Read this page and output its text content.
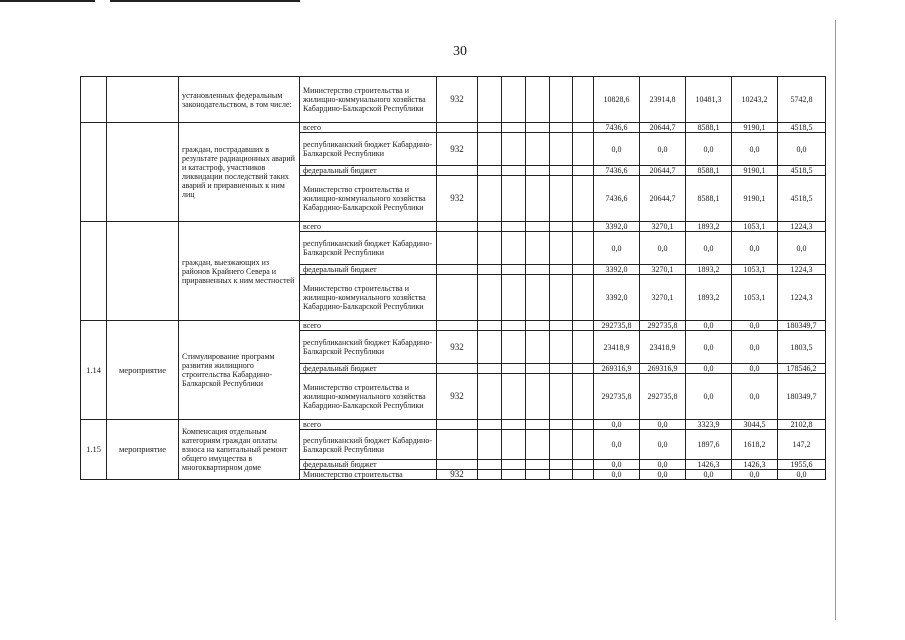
30
		установленных федеральным законодательством, в том числе:	Министерство строительства и жилищно-коммунального хозяйства Кабардино-Балкарской Республики	932						10828,6	23914,8	10481,3	10243,2	5742,8
		граждан, пострадавших в результате радиационных аварий и катастроф, участников ликвидации последствий таких аварий и приравненных к ним лиц	всего							7436,6	20644,7	8588,1	9190,1	4518,5
			республиканский бюджет Кабардино- Балкарской Республики	932						0,0	0,0	0,0	0,0	0,0
			федеральный бюджет							7436,6	20644,7	8588,1	9190,1	4518,5
			Министерство строительства и жилищно-коммунального хозяйства Кабардино-Балкарской Республики	932						7436,6	20644,7	8588,1	9190,1	4518,5
		граждан, выезжающих из районов Крайнего Севера и приравненных к ним местностей	всего							3392,0	3270,1	1893,2	1053,1	1224,3
			республиканский бюджет Кабардино- Балкарской Республики							0,0	0,0	0,0	0,0	0,0
			федеральный бюджет							3392,0	3270,1	1893,2	1053,1	1224,3
			Министерство строительства и жилищно-коммунального хозяйства Кабардино-Балкарской Республики							3392,0	3270,1	1893,2	1053,1	1224,3
1.14	мероприятие	Стимулирование программ развития жилищного строительства Кабардино-Балкарской Республики	всего							292735,8	292735,8	0,0	0,0	180349,7
			республиканский бюджет Кабардино- Балкарской Республики	932						23418,9	23418,9	0,0	0,0	1803,5
			федеральный бюджет							269316,9	269316,9	0,0	0,0	178546,2
			Министерство строительства и жилищно-коммунального хозяйства Кабардино-Балкарской Республики	932						292735,8	292735,8	0,0	0,0	180349,7
1.15	мероприятие	Компенсация отдельным категориям граждан оплаты взноса на капитальный ремонт общего имущества в многоквартирном доме	всего							0,0	0,0	3323,9	3044,5	2102,8
			республиканский бюджет Кабардино- Балкарской Республики							0,0	0,0	1897,6	1618,2	147,2
			федеральный бюджет							0,0	0,0	1426,3	1426,3	1955,6
			Министерство строительства	932						0,0	0,0	0,0	0,0	0,0
